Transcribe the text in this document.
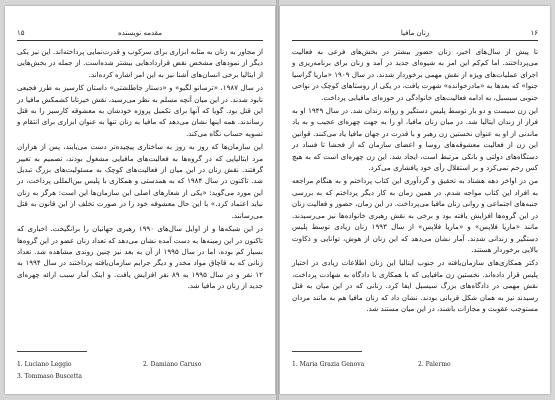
۱۵	مقدمه نویسنده

از مجاور به زنان به مثابه ابزاری برای سرکوب و قدرت‌نمایی پرداخته‌اند. این نیز یکی دیگر از نمودهای مشخص نقض قراردادهایی بیشتر شده‌است. از جمله در بخش‌هایی از ایتالیا برخی انسان‌های آشنا نیز به این امر اشاره کرده‌اند.

در سال ۱۹۸۷، «ترسانو لگیو» و «دستار جاطلشتی» داستان کارسیز به طرز فجیعی نابود شدند. در این میان آنچه مسلم به نظر می‌رسید، نقش خیرتابا کشمکش مافیا در این قتل بود. گویا که آنها برای تکمیل پروژه خودشان به معشوقه کارسیز را به قتل رساندند. همه اینها نشان می‌دهد که مافیا به زنان تنها به عنوان ابزاری برای انتقام و تسویه حساب نگاه می‌کند.

این سازمان‌ها که روز به روز به ساختاری پیچیده‌تر دست می‌یابند، پس از هزاران مرد ایتالیایی که در گروه‌ها به فعالیت‌های مافیایی مشغول بودند، تصمیم به تغییر گرفتند. نقش زنان در این میان از فعالیت‌های کوچک به مسئولیت‌های بزرگ تبدیل شد. تاکنون در سال ۱۹۸۴ که به همدستی و همکاری با پلیس بین‌المللی پرداخت، در این مورد می‌گوید: «یکی از شعارهای اصلی این سازمان‌ها این است: هرگز به زنان نباید اعتماد کرد.» با این حال معشوقه خود را در صورت تخلف از این قانون به قتل می‌رسانند.

در این شبکه‌ها و از اوایل سال‌های ۱۹۹۰ رهبری جهانیان را برانگیخت. اخباری که تاکنون در این زمینه‌ها به دست آمده نشان می‌دهد که تعداد زنان عضو در این گروه‌ها بسیار کم بوده، اما در سال ۱۹۹۵ از آن به بعد نیز چنین روندی مشاهده شد. تعداد زنانی که به قاچاق مواد مخدر و دیگر جرایم سازمان‌یافته پرداختند در سال ۱۹۹۴ به ۱۲ نفر و در سال ۱۹۹۵ به ۸۹ نفر افزایش یافت. و اینک آمار سبب ارائه چهره‌ای جدید از زنان در مافیا شد.

1. Luciano Leggio	2. Damiano Caruso
3. Tommaso Buscetta
زنان مافیا	۱۶

تا پیش از سال‌های اخیر، زنان حضور بیشتر در بخش‌های فرعی به فعالیت می‌پرداختند. اما کم‌کم این امر به شیوه‌ای جدید در آمد و زنان برای برنامه‌ریزی و اجرای عملیات‌های ویژه از نقش مهمی برخوردار شدند. در سال ۱۹۰۹ «ماریا گراسیا جنوا» که بعدها به «مادرخوانده» شهرت یافت، در یکی از روستاهای کوچک در نواحی جنوبی سیسیل، به ادامه فعالیت‌های خانوادگی در حوزه‌ای مافیایی پرداخت.

این زن سیست و دو بار توسط پلیس دستگیر و روانه زندان شد. در سال ۱۹۴۹ او به فراز از زندان ایتالیا شد. در میان زنان مافیا، او را به جهت چهره‌ای عجیب و به یاد ماندنی از او به عنوان نخستین زن رهبر و با قدرت در جهان مافیا یاد می‌کنند. قوانین این زن از فعالیت معشوقه‌های روسا و اعضای سازمان که از فحشا تا فساد در دستگاه‌های دولتی و بانکی مرتبط است، ایجاد شد. این زن چهره‌ای است که به هیچ کس رحم نمی‌کرد و بر استقلال رأی خود پافشاری می‌کرد.

من در اواخر دهه هشتاد به تحقیق و گردآوری این کتاب پرداختم و به هنگام مراجعه به افراد این کتاب مواجه شدم. در همین زمان به کار دیگر پرداختم که به بررسی جنبه‌های اجتماعی و روانی زنان مافیا می‌پرداخت. در این زمان، حضور و فعالیت زنان در این گروه‌ها افزایش یافته بود و برخی به نقش رهبری خانواده‌ها نیز می‌رسیدند. مانند «ماریا فلاپس» و «ماریا فلاپس» از سال ۱۹۹۳ زنان زیادی توسط پلیس دستگیر و زندانی شدند. آمار نشان می‌دهد که این زنان از هوش، توانایی و ذکاوت بالایی برخوردار هستند.

دکتر همکاری‌های سازمان‌یافته در جنوب ایتالیا این زنان اطلاعات زیادی در اختیار پلیس قرار داده‌اند. نخستین زن مافیایی که با همکاری با دادگاه به شهادت پرداخت، نقش مهمی در دادگاه‌های بزرگ سیسیل ایفا کرد. زنانی که در این میان به قتل رسیدند نیز به همان شکل قربانی بودند. نشان داد که زنان مافیا هم به مانند مردان مستوجب عقوبت و مجازات باشند، در این میان مستند شد.

1. Maria Grazia Genova	2. Palermo
